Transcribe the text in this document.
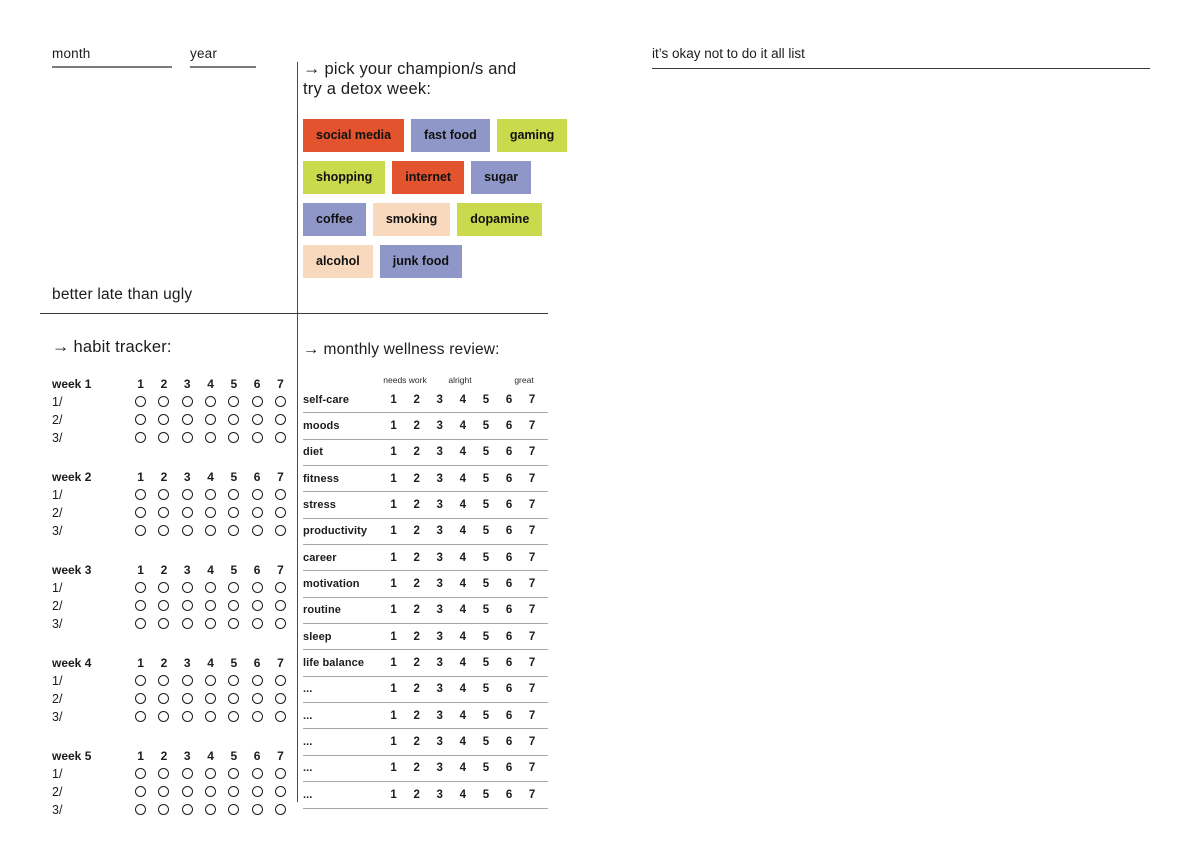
month	year	it’s okay not to do it all list
→ pick your champion/s and
try a detox week:
social media	fast food	gaming
shopping	internet	sugar
coffee	smoking	dopamine
alcohol	junk food
better late than ugly
→ habit tracker:
week 1	1	2	3	4	5	6	7
1/
2/
3/
week 2	1	2	3	4	5	6	7
1/
2/
3/
week 3	1	2	3	4	5	6	7
1/
2/
3/
week 4	1	2	3	4	5	6	7
1/
2/
3/
week 5	1	2	3	4	5	6	7
1/
2/
3/
→ monthly wellness review:
needs work	alright	great
self-care	1	2	3	4	5	6	7
moods	1	2	3	4	5	6	7
diet	1	2	3	4	5	6	7
fitness	1	2	3	4	5	6	7
stress	1	2	3	4	5	6	7
productivity	1	2	3	4	5	6	7
career	1	2	3	4	5	6	7
motivation	1	2	3	4	5	6	7
routine	1	2	3	4	5	6	7
sleep	1	2	3	4	5	6	7
life balance	1	2	3	4	5	6	7
...	1	2	3	4	5	6	7
...	1	2	3	4	5	6	7
...	1	2	3	4	5	6	7
...	1	2	3	4	5	6	7
...	1	2	3	4	5	6	7
